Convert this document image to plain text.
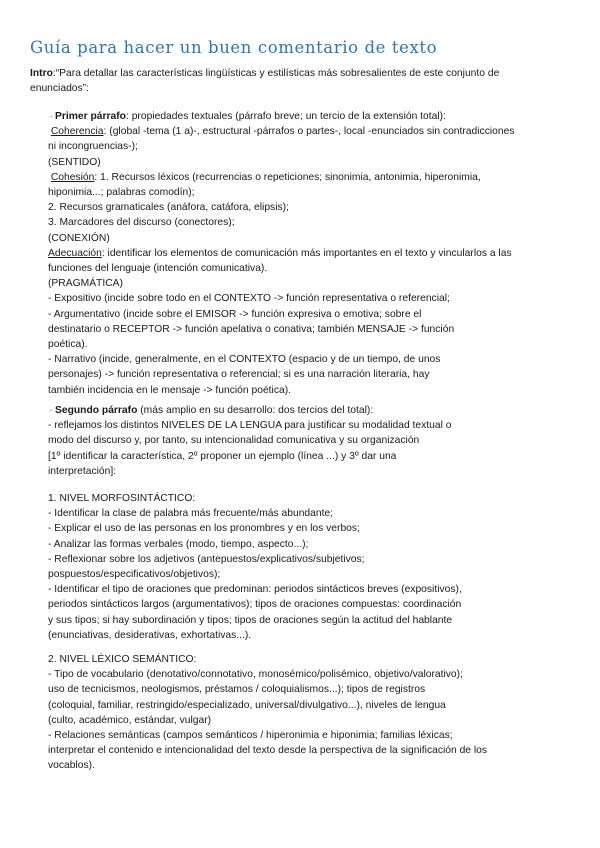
Guía para hacer un buen comentario de texto
Intro:“Para detallar las características lingüísticas y estilísticas más sobresalientes de este conjunto de
enunciados”:
→Primer párrafo: propiedades textuales (párrafo breve; un tercio de la extensión total):
Coherencia: (global -tema (1 a)-, estructural -párrafos o partes-, local -enunciados sin contradicciones
ni incongruencias-);
(SENTIDO)
Cohesión: 1. Recursos léxicos (recurrencias o repeticiones; sinonimia, antonimia, hiperonimia,
hiponimia...; palabras comodín);
2. Recursos gramaticales (anáfora, catáfora, elipsis);
3. Marcadores del discurso (conectores);
(CONEXIÓN)
Adecuación: identificar los elementos de comunicación más importantes en el texto y vincularlos a las
funciones del lenguaje (intención comunicativa).
(PRAGMÁTICA)
- Expositivo (incide sobre todo en el CONTEXTO -> función representativa o referencial;
- Argumentativo (incide sobre el EMISOR -> función expresiva o emotiva; sobre el
destinatario o RECEPTOR -> función apelativa o conativa; también MENSAJE -> función
poética).
- Narrativo (incide, generalmente, en el CONTEXTO (espacio y de un tiempo, de unos
personajes) -> función representativa o referencial; si es una narración literaria, hay
también incidencia en le mensaje -> función poética).
→Segundo párrafo (más amplio en su desarrollo: dos tercios del total):
- reflejamos los distintos NIVELES DE LA LENGUA para justificar su modalidad textual o
modo del discurso y, por tanto, su intencionalidad comunicativa y su organización
[1º identificar la característica, 2º proponer un ejemplo (línea ...) y 3º dar una
interpretación]:
1. NIVEL MORFOSINTÁCTICO:
- Identificar la clase de palabra más frecuente/más abundante;
- Explicar el uso de las personas en los pronombres y en los verbos;
- Analizar las formas verbales (modo, tiempo, aspecto...);
- Reflexionar sobre los adjetivos (antepuestos/explicativos/subjetivos;
pospuestos/especificativos/objetivos);
- Identificar el tipo de oraciones que predominan: periodos sintácticos breves (expositivos),
periodos sintácticos largos (argumentativos); tipos de oraciones compuestas: coordinación
y sus tipos; si hay subordinación y tipos; tipos de oraciones según la actitud del hablante
(enunciativas, desiderativas, exhortativas...).
2. NIVEL LÉXICO SEMÁNTICO:
- Tipo de vocabulario (denotativo/connotativo, monosémico/polisémico, objetivo/valorativo);
uso de tecnicismos, neologismos, préstamos / coloquialismos...); tipos de registros
(coloquial, familiar, restringido/especializado, universal/divulgativo...), niveles de lengua
(culto, académico, estándar, vulgar)
- Relaciones semánticas (campos semánticos / hiperonimia e hiponimia; familias léxicas;
interpretar el contenido e intencionalidad del texto desde la perspectiva de la significación de los
vocablos).
